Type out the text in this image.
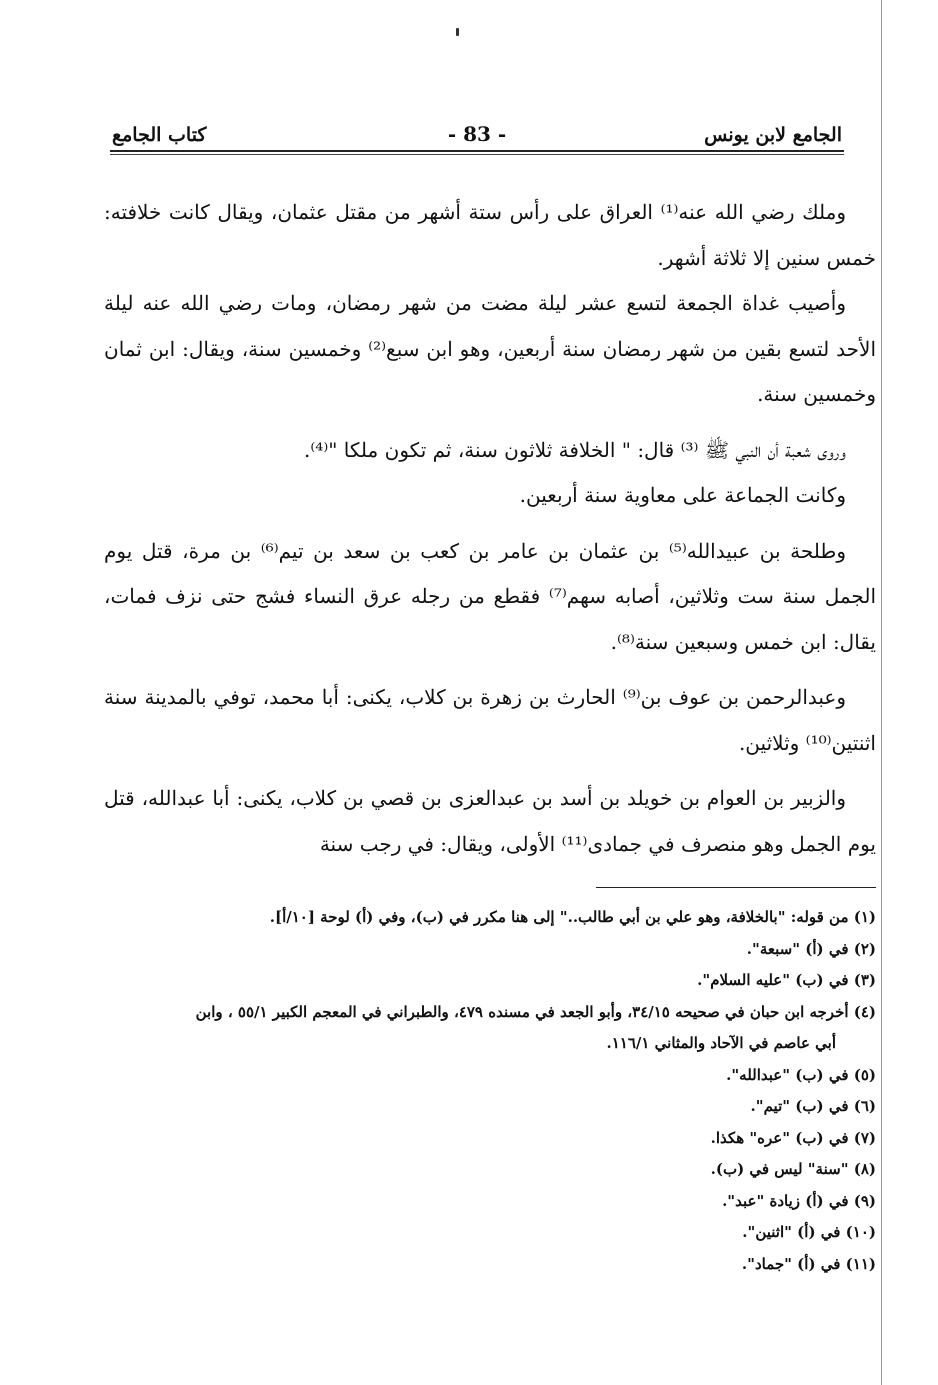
الجامع لابن يونس
- 83 -
كتاب الجامع

وملك رضي الله عنه⁽¹⁾ العراق على رأس ستة أشهر من مقتل عثمان، ويقال كانت خلافته: خمس سنين إلا ثلاثة أشهر.

وأصيب غداة الجمعة لتسع عشر ليلة مضت من شهر رمضان، ومات رضي الله عنه ليلة الأحد لتسع بقين من شهر رمضان سنة أربعين، وهو ابن سبع⁽²⁾ وخمسين سنة، ويقال: ابن ثمان وخمسين سنة.

وروى شعبة أن النبي ﷺ ⁽³⁾ قال: " الخلافة ثلاثون سنة، ثم تكون ملكا "⁽⁴⁾.

وكانت الجماعة على معاوية سنة أربعين.

وطلحة بن عبيدالله⁽⁵⁾ بن عثمان بن عامر بن كعب بن سعد بن تيم⁽⁶⁾ بن مرة، قتل يوم الجمل سنة ست وثلاثين، أصابه سهم⁽⁷⁾ فقطع من رجله عرق النساء فشج حتى نزف فمات، يقال: ابن خمس وسبعين سنة⁽⁸⁾.

وعبدالرحمن بن عوف بن⁽⁹⁾ الحارث بن زهرة بن كلاب، يكنى: أبا محمد، توفي بالمدينة سنة اثنتين⁽¹⁰⁾ وثلاثين.

والزبير بن العوام بن خويلد بن أسد بن عبدالعزى بن قصي بن كلاب، يكنى: أبا عبدالله، قتل يوم الجمل وهو منصرف في جمادى⁽¹¹⁾ الأولى، ويقال: في رجب سنة

(١) من قوله: "بالخلافة، وهو علي بن أبي طالب.." إلى هنا مكرر في (ب)، وفي (أ) لوحة [١٠/أ].
(٢) في (أ) "سبعة".
(٣) في (ب) "عليه السلام".
(٤) أخرجه ابن حبان في صحيحه ٣٤/١٥، وأبو الجعد في مسنده ٤٧٩، والطبراني في المعجم الكبير ٥٥/١ ، وابن
أبي عاصم في الآحاد والمثاني ١١٦/١.
(٥) في (ب) "عبدالله".
(٦) في (ب) "تيم".
(٧) في (ب) "عره" هكذا.
(٨) "سنة" ليس في (ب).
(٩) في (أ) زيادة "عبد".
(١٠) في (أ) "اثنين".
(١١) في (أ) "جماد".
